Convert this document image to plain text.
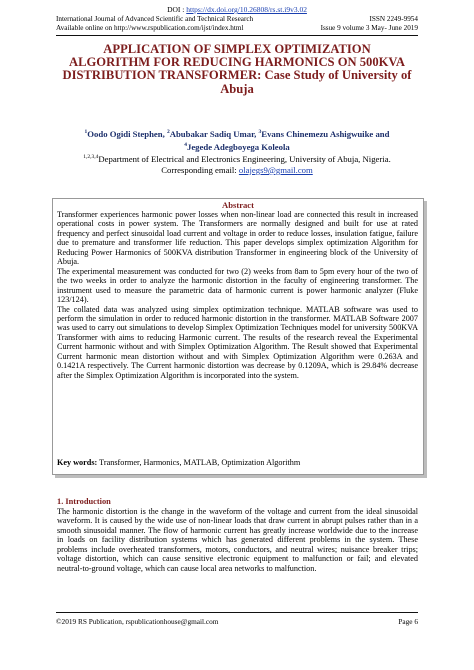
DOI : https://dx.doi.org/10.26808/rs.st.i9v3.02
International Journal of Advanced Scientific and Technical Research	ISSN 2249-9954
Available online on http://www.rspublication.com/ijst/index.html	Issue 9 volume 3 May- June 2019
APPLICATION OF SIMPLEX OPTIMIZATION
ALGORITHM FOR REDUCING HARMONICS ON 500KVA
DISTRIBUTION TRANSFORMER: Case Study of University of
Abuja
$^1$Oodo Ogidi Stephen, $^2$Abubakar Sadiq Umar, $^3$Evans Chinemezu Ashigwuike and
$^4$Jegede Adegboyega Koleola
$^{1,2,3,4}$Department of Electrical and Electronics Engineering, University of Abuja, Nigeria.
Corresponding email: olajegs9@gmail.com
Abstract

Transformer experiences harmonic power losses when non-linear load are connected this result in increased operational costs in power system. The Transformers are normally designed and built for use at rated frequency and perfect sinusoidal load current and voltage in order to reduce losses, insulation fatigue, failure due to premature and transformer life reduction. This paper develops simplex optimization Algorithm for Reducing Power Harmonics of 500KVA distribution Transformer in engineering block of the University of Abuja.

The experimental measurement was conducted for two (2) weeks from 8am to 5pm every hour of the two of the two weeks in order to analyze the harmonic distortion in the faculty of engineering transformer. The instrument used to measure the parametric data of harmonic current is power harmonic analyzer (Fluke 123/124).

The collated data was analyzed using simplex optimization technique. MATLAB software was used to perform the simulation in order to reduced harmonic distortion in the transformer. MATLAB Software 2007 was used to carry out simulations to develop Simplex Optimization Techniques model for university 500KVA Transformer with aims to reducing Harmonic current. The results of the research reveal the Experimental Current harmonic without and with Simplex Optimization Algorithm. The Result showed that Experimental Current harmonic mean distortion without and with Simplex Optimization Algorithm were 0.263A and 0.1421A respectively. The Current harmonic distortion was decrease by 0.1209A, which is 29.84% decrease after the Simplex Optimization Algorithm is incorporated into the system.

Key words: Transformer, Harmonics, MATLAB, Optimization Algorithm
1. Introduction

The harmonic distortion is the change in the waveform of the voltage and current from the ideal sinusoidal waveform. It is caused by the wide use of non-linear loads that draw current in abrupt pulses rather than in a smooth sinusoidal manner. The flow of harmonic current has greatly increase worldwide due to the increase in loads on facility distribution systems which has generated different problems in the system. These problems include overheated transformers, motors, conductors, and neutral wires; nuisance breaker trips; voltage distortion, which can cause sensitive electronic equipment to malfunction or fail; and elevated neutral-to-ground voltage, which can cause local area networks to malfunction.

©2019 RS Publication, rspublicationhouse@gmail.com	Page 6
